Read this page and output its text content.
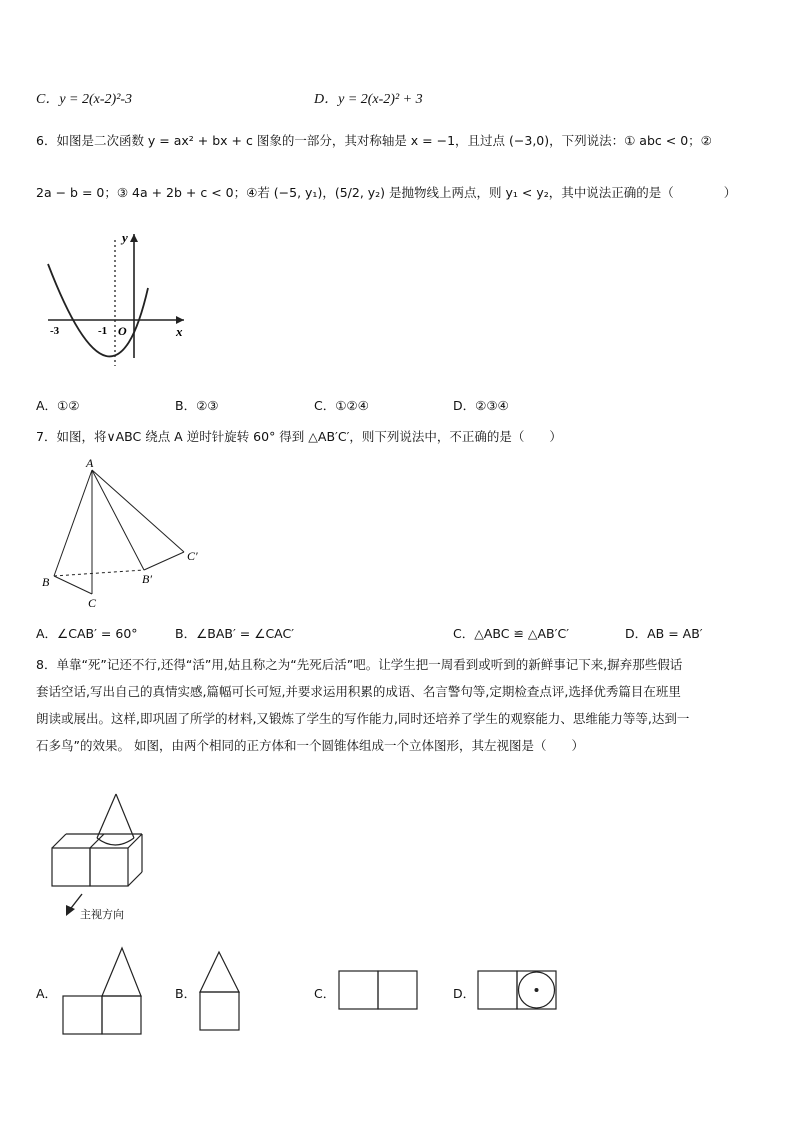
C．y = 2(x-2)²-3	D．y = 2(x-2)² + 3
6．如图是二次函数 y = ax² + bx + c 图象的一部分，其对称轴是 x = −1，且过点 (−3,0)，下列说法：① abc < 0；②
2a − b = 0；③ 4a + 2b + c < 0；④若 (−5, y₁)，(5/2, y₂) 是抛物线上两点，则 y₁ < y₂，其中说法正确的是（　　　　）
y
x
-3	-1 O
A．①②	B．②③	C．①②④	D．②③④
7．如图，将∨ABC 绕点 A 逆时针旋转 60° 得到 △AB′C′，则下列说法中，不正确的是（　　）
A
B
C
B′
C′
A．∠CAB′ = 60°	B．∠BAB′ = ∠CAC′	C．△ABC ≌ △AB′C′	D．AB = AB′

8．单靠“死”记还不行,还得“活”用,姑且称之为“先死后活”吧。让学生把一周看到或听到的新鲜事记下来,摒弃那些假话

套话空话,写出自己的真情实感,篇幅可长可短,并要求运用积累的成语、名言警句等,定期检查点评,选择优秀篇目在班里

朗读或展出。这样,即巩固了所学的材料,又锻炼了学生的写作能力,同时还培养了学生的观察能力、思维能力等等,达到一

石多鸟”的效果。 如图，由两个相同的正方体和一个圆锥体组成一个立体图形，其左视图是（　　）

主视方向
A．	B．	C．	D．
